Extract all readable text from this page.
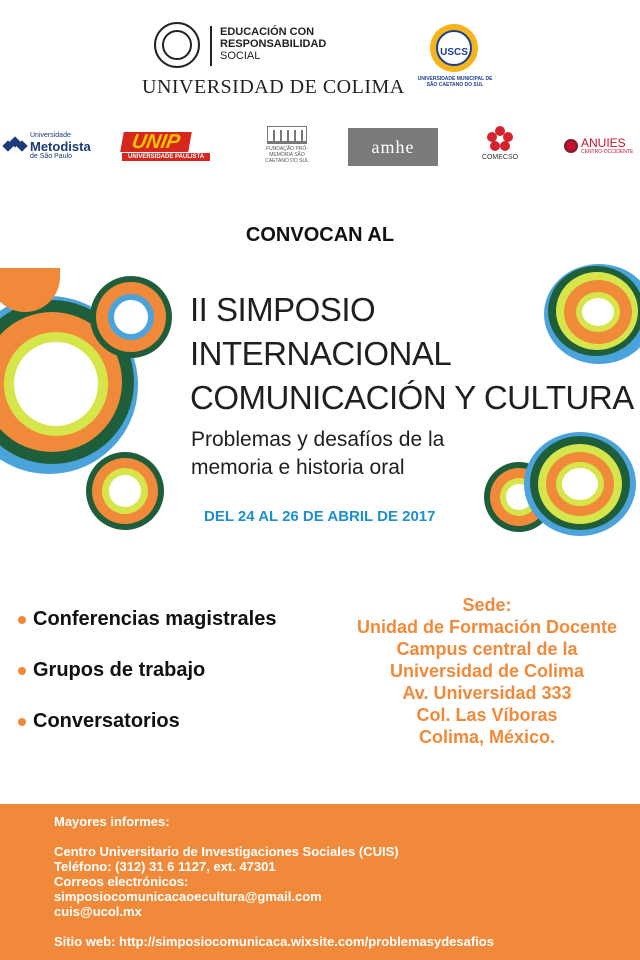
EDUCACIÓN CON
RESPONSABILIDAD
SOCIAL
UNIVERSIDAD DE COLIMA
USCS
UNIVERSIDADE MUNICIPAL DE SÃO CAETANO DO SUL
Universidade
Metodista
de São Paulo
UNIP
UNIVERSIDADE PAULISTA
FUNDAÇÃO PRÓ-MEMÓRIA SÃO CAETANO DO SUL
amhe
COMECSO
ANUIES
CENTRO-OCCIDENTE
CONVOCAN AL
II SIMPOSIO
INTERNACIONAL
COMUNICACIÓN Y CULTURA
Problemas y desafíos de la
memoria e historia oral
DEL 24 AL 26 DE ABRIL DE 2017
Conferencias magistrales
Grupos de trabajo
Conversatorios
Sede:
Unidad de Formación Docente
Campus central de la
Universidad de Colima
Av. Universidad 333
Col. Las Víboras
Colima, México.
Mayores informes:
Centro Universitario de Investigaciones Sociales (CUIS)
Teléfono: (312) 31 6 1127, ext. 47301
Correos electrónicos:
simposiocomunicacaoecultura@gmail.com
cuis@ucol.mx
Sitio web: http://simposiocomunicaca.wixsite.com/problemasydesafios
